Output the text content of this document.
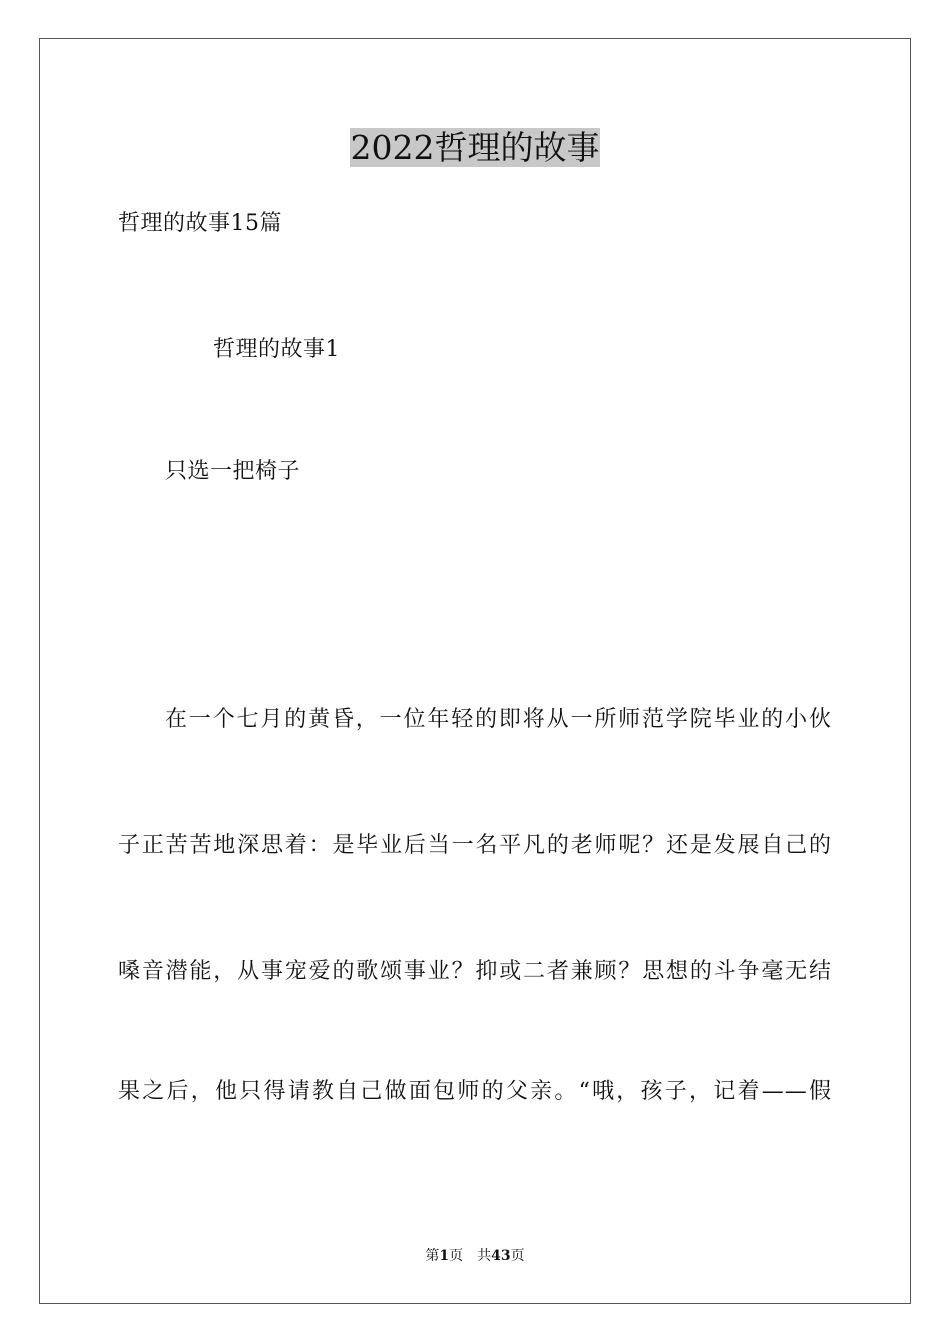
2022哲理的故事
哲理的故事15篇
哲理的故事1
只选一把椅子
在一个七月的黄昏，一位年轻的即将从一所师范学院毕业的小伙
子正苦苦地深思着：是毕业后当一名平凡的老师呢？还是发展自己的
嗓音潜能，从事宠爱的歌颂事业？抑或二者兼顾？思想的斗争毫无结
果之后，他只得请教自己做面包师的父亲。“哦，孩子，记着——假
第1页 共43页
